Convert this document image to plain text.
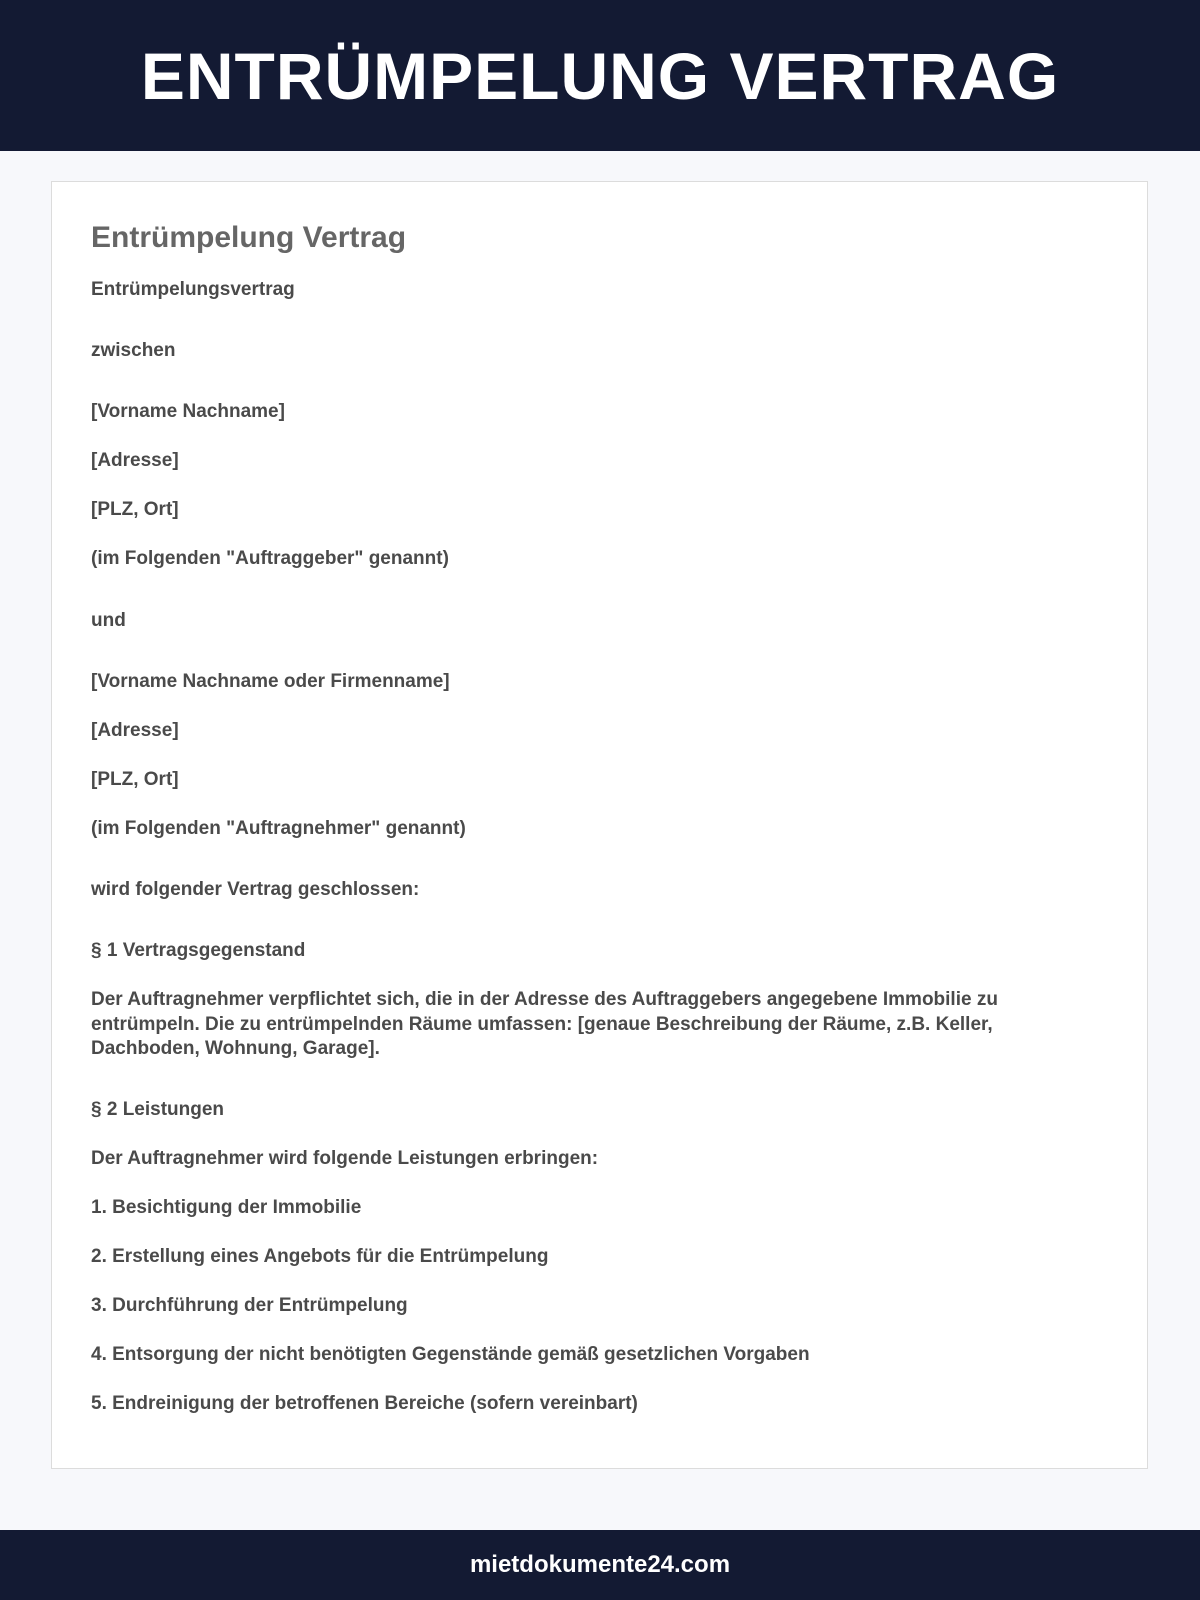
ENTRÜMPELUNG VERTRAG
Entrümpelung Vertrag

Entrümpelungsvertrag

zwischen

[Vorname Nachname]

[Adresse]

[PLZ, Ort]

(im Folgenden "Auftraggeber" genannt)

und

[Vorname Nachname oder Firmenname]

[Adresse]

[PLZ, Ort]

(im Folgenden "Auftragnehmer" genannt)

wird folgender Vertrag geschlossen:

§ 1 Vertragsgegenstand

Der Auftragnehmer verpflichtet sich, die in der Adresse des Auftraggebers angegebene Immobilie zu entrümpeln. Die zu entrümpelnden Räume umfassen: [genaue Beschreibung der Räume, z.B. Keller, Dachboden, Wohnung, Garage].

§ 2 Leistungen

Der Auftragnehmer wird folgende Leistungen erbringen:

1. Besichtigung der Immobilie

2. Erstellung eines Angebots für die Entrümpelung

3. Durchführung der Entrümpelung

4. Entsorgung der nicht benötigten Gegenstände gemäß gesetzlichen Vorgaben

5. Endreinigung der betroffenen Bereiche (sofern vereinbart)

mietdokumente24.com
